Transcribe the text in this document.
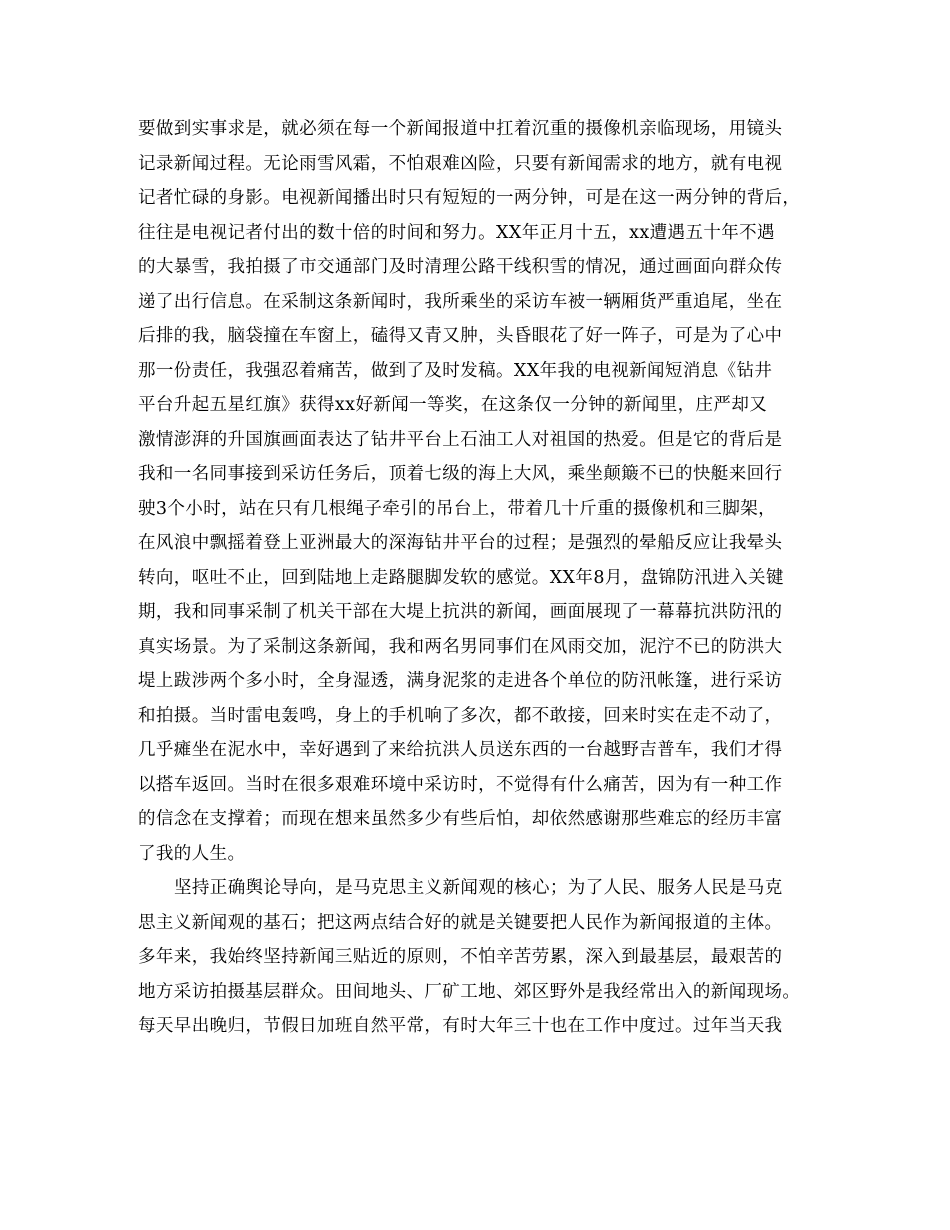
要做到实事求是，就必须在每一个新闻报道中扛着沉重的摄像机亲临现场，用镜头
记录新闻过程。无论雨雪风霜，不怕艰难凶险，只要有新闻需求的地方，就有电视
记者忙碌的身影。电视新闻播出时只有短短的一两分钟，可是在这一两分钟的背后，
往往是电视记者付出的数十倍的时间和努力。XX年正月十五，xx遭遇五十年不遇
的大暴雪，我拍摄了市交通部门及时清理公路干线积雪的情况，通过画面向群众传
递了出行信息。在采制这条新闻时，我所乘坐的采访车被一辆厢货严重追尾，坐在
后排的我，脑袋撞在车窗上，磕得又青又肿，头昏眼花了好一阵子，可是为了心中
那一份责任，我强忍着痛苦，做到了及时发稿。XX年我的电视新闻短消息《钻井
平台升起五星红旗》获得xx好新闻一等奖，在这条仅一分钟的新闻里，庄严却又
激情澎湃的升国旗画面表达了钻井平台上石油工人对祖国的热爱。但是它的背后是
我和一名同事接到采访任务后，顶着七级的海上大风，乘坐颠簸不已的快艇来回行
驶3个小时，站在只有几根绳子牵引的吊台上，带着几十斤重的摄像机和三脚架，
在风浪中飘摇着登上亚洲最大的深海钻井平台的过程；是强烈的晕船反应让我晕头
转向，呕吐不止，回到陆地上走路腿脚发软的感觉。XX年8月，盘锦防汛进入关键
期，我和同事采制了机关干部在大堤上抗洪的新闻，画面展现了一幕幕抗洪防汛的
真实场景。为了采制这条新闻，我和两名男同事们在风雨交加，泥泞不已的防洪大
堤上跋涉两个多小时，全身湿透，满身泥浆的走进各个单位的防汛帐篷，进行采访
和拍摄。当时雷电轰鸣，身上的手机响了多次，都不敢接，回来时实在走不动了，
几乎瘫坐在泥水中，幸好遇到了来给抗洪人员送东西的一台越野吉普车，我们才得
以搭车返回。当时在很多艰难环境中采访时，不觉得有什么痛苦，因为有一种工作
的信念在支撑着；而现在想来虽然多少有些后怕，却依然感谢那些难忘的经历丰富
了我的人生。
坚持正确舆论导向，是马克思主义新闻观的核心；为了人民、服务人民是马克
思主义新闻观的基石；把这两点结合好的就是关键要把人民作为新闻报道的主体。
多年来，我始终坚持新闻三贴近的原则，不怕辛苦劳累，深入到最基层，最艰苦的
地方采访拍摄基层群众。田间地头、厂矿工地、郊区野外是我经常出入的新闻现场。
每天早出晚归，节假日加班自然平常，有时大年三十也在工作中度过。过年当天我
